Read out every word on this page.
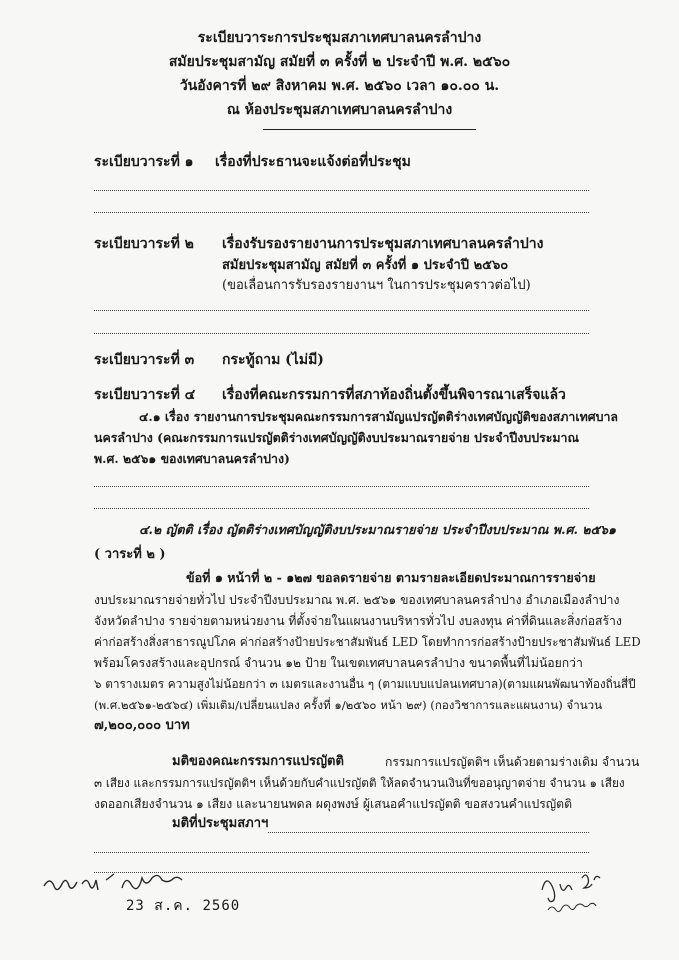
ระเบียบวาระการประชุมสภาเทศบาลนครลำปาง
สมัยประชุมสามัญ สมัยที่ ๓ ครั้งที่ ๒ ประจำปี พ.ศ. ๒๕๖๐
วันอังคารที่ ๒๙ สิงหาคม พ.ศ. ๒๕๖๐ เวลา ๑๐.๐๐ น.
ณ ห้องประชุมสภาเทศบาลนครลำปาง
ระเบียบวาระที่ ๑ เรื่องที่ประธานจะแจ้งต่อที่ประชุม
ระเบียบวาระที่ ๒ เรื่องรับรองรายงานการประชุมสภาเทศบาลนครลำปาง
สมัยประชุมสามัญ สมัยที่ ๓ ครั้งที่ ๑ ประจำปี ๒๕๖๐
(ขอเลื่อนการรับรองรายงานฯ ในการประชุมคราวต่อไป)
ระเบียบวาระที่ ๓ กระทู้ถาม (ไม่มี)
ระเบียบวาระที่ ๔ เรื่องที่คณะกรรมการที่สภาท้องถิ่นตั้งขึ้นพิจารณาเสร็จแล้ว
๔.๑ เรื่อง รายงานการประชุมคณะกรรมการสามัญแปรญัตติร่างเทศบัญญัติของสภาเทศบาล
นครลำปาง (คณะกรรมการแปรญัตติร่างเทศบัญญัติงบประมาณรายจ่าย ประจำปีงบประมาณ
พ.ศ. ๒๕๖๑ ของเทศบาลนครลำปาง)
๔.๒ ญัตติ เรื่อง ญัตติร่างเทศบัญญัติงบประมาณรายจ่าย ประจำปีงบประมาณ พ.ศ. ๒๕๖๑
( วาระที่ ๒ )
ข้อที่ ๑ หน้าที่ ๒ - ๑๒๗ ขอลดรายจ่าย ตามรายละเอียดประมาณการรายจ่าย
งบประมาณรายจ่ายทั่วไป ประจำปีงบประมาณ พ.ศ. ๒๕๖๑ ของเทศบาลนครลำปาง อำเภอเมืองลำปาง
จังหวัดลำปาง รายจ่ายตามหน่วยงาน ที่ตั้งจ่ายในแผนงานบริหารทั่วไป งบลงทุน ค่าที่ดินและสิ่งก่อสร้าง
ค่าก่อสร้างสิ่งสาธารณูปโภค ค่าก่อสร้างป้ายประชาสัมพันธ์ LED โดยทำการก่อสร้างป้ายประชาสัมพันธ์ LED
พร้อมโครงสร้างและอุปกรณ์ จำนวน ๑๒ ป้าย ในเขตเทศบาลนครลำปาง ขนาดพื้นที่ไม่น้อยกว่า
๖ ตารางเมตร ความสูงไม่น้อยกว่า ๓ เมตรและงานอื่น ๆ (ตามแบบแปลนเทศบาล)(ตามแผนพัฒนาท้องถิ่นสี่ปี
(พ.ศ.๒๕๖๑-๒๕๖๔) เพิ่มเติม/เปลี่ยนแปลง ครั้งที่ ๑/๒๕๖๐ หน้า ๒๙) (กองวิชาการและแผนงาน) จำนวน
๗,๒๐๐,๐๐๐ บาท
มติของคณะกรรมการแปรญัตติ	กรรมการแปรญัตติฯ เห็นด้วยตามร่างเดิม จำนวน
๓ เสียง และกรรมการแปรญัตติฯ เห็นด้วยกับคำแปรญัตติ ให้ลดจำนวนเงินที่ขออนุญาตจ่าย จำนวน ๑ เสียง
งดออกเสียงจำนวน ๑ เสียง และนายนพดล ผดุงพงษ์ ผู้เสนอคำแปรญัตติ ขอสงวนคำแปรญัตติ
มติที่ประชุมสภาฯ
23 ส.ค. 2560
